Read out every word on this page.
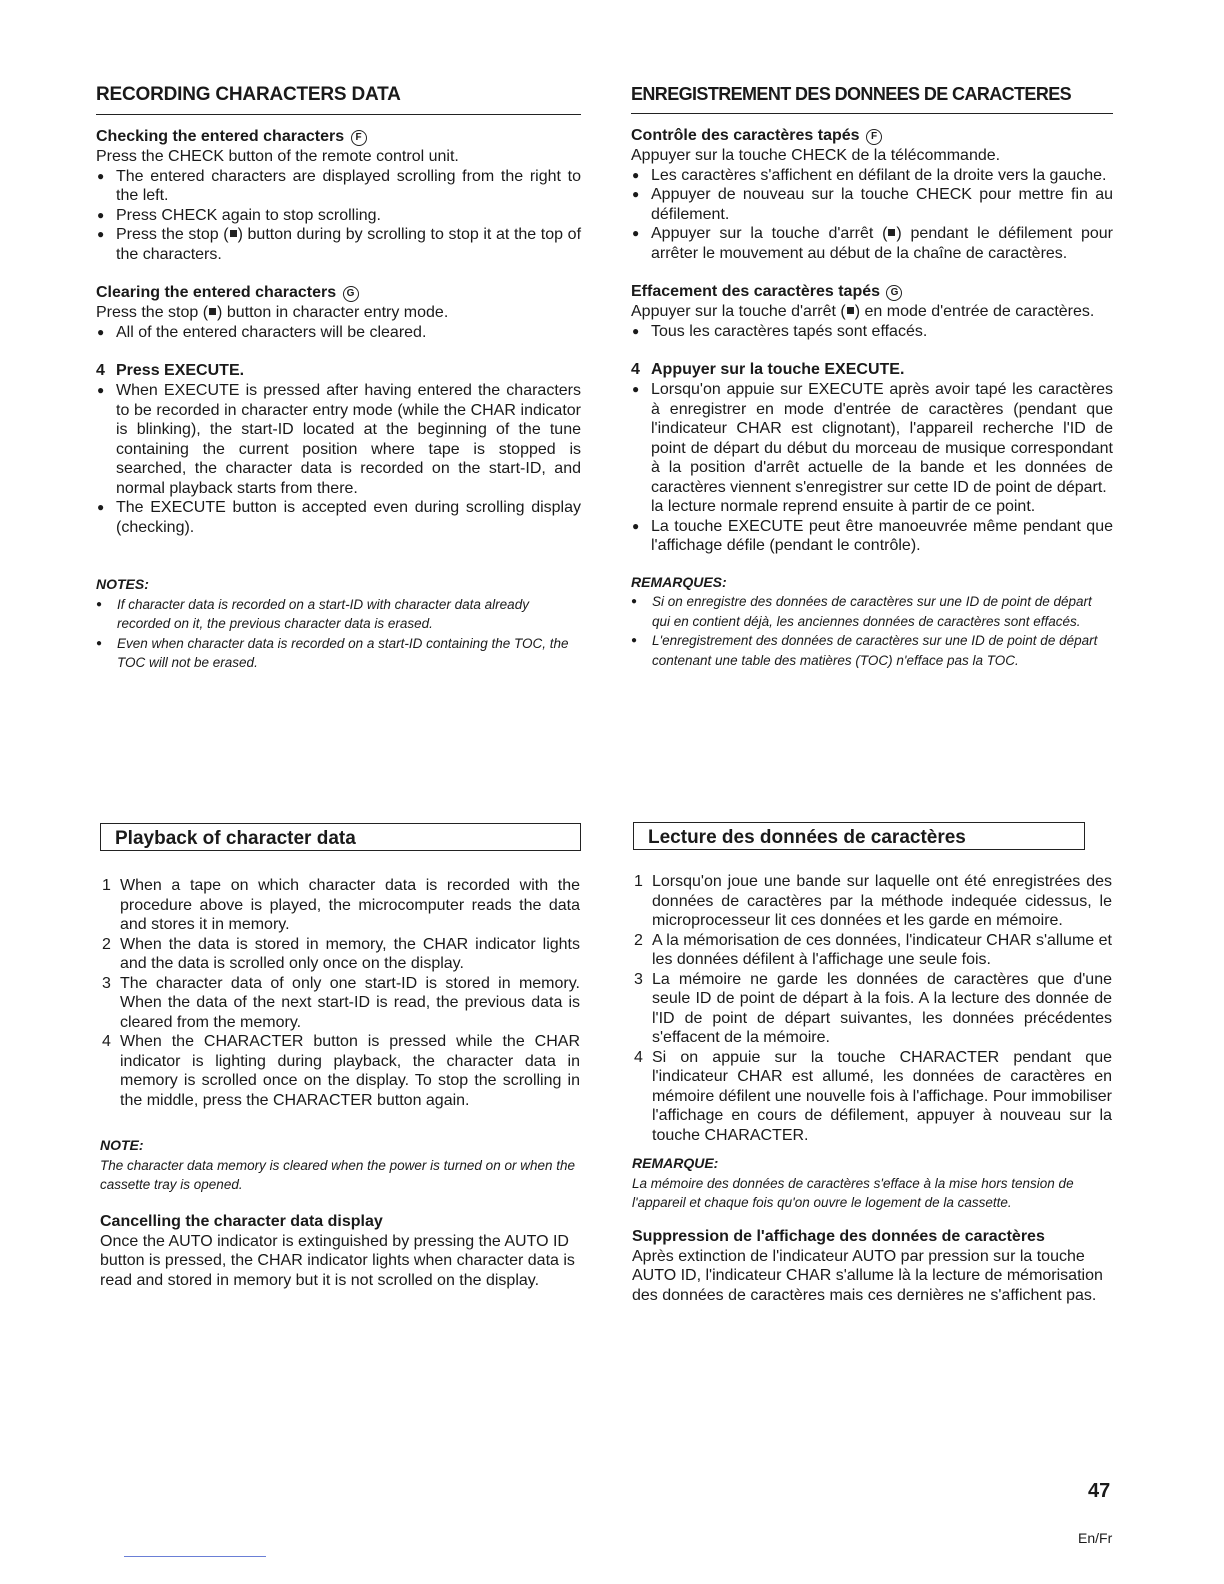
RECORDING CHARACTERS DATA
Checking the entered characters F

Press the CHECK button of the remote control unit.

● The entered characters are displayed scrolling from the right to the left.
● Press CHECK again to stop scrolling.
● Press the stop ( ) button during by scrolling to stop it at the top of the characters.
Clearing the entered characters G

Press the stop ( ) button in character entry mode.

● All of the entered characters will be cleared.
4 Press EXECUTE.
● When EXECUTE is pressed after having entered the characters to be recorded in character entry mode (while the CHAR indicator is blinking), the start-ID located at the beginning of the tune containing the current position where tape is stopped is searched, the character data is recorded on the start-ID, and normal playback starts from there.
● The EXECUTE button is accepted even during scrolling display (checking).

NOTES:

● If character data is recorded on a start-ID with character data already recorded on it, the previous character data is erased.
● Even when character data is recorded on a start-ID containing the TOC, the TOC will not be erased.
Playback of character data
1 When a tape on which character data is recorded with the procedure above is played, the microcomputer reads the data and stores it in memory.
2 When the data is stored in memory, the CHAR indicator lights and the data is scrolled only once on the display.
3 The character data of only one start-ID is stored in memory. When the data of the next start-ID is read, the previous data is cleared from the memory.
4 When the CHARACTER button is pressed while the CHAR indicator is lighting during playback, the character data in memory is scrolled once on the display. To stop the scrolling in the middle, press the CHARACTER button again.

NOTE:

The character data memory is cleared when the power is turned on or when the cassette tray is opened.

Cancelling the character data display

Once the AUTO indicator is extinguished by pressing the AUTO ID button is pressed, the CHAR indicator lights when character data is read and stored in memory but it is not scrolled on the display.

ENREGISTREMENT DES DONNEES DE CARACTERES
Contrôle des caractères tapés F

Appuyer sur la touche CHECK de la télécommande.

● Les caractères s'affichent en défilant de la droite vers la gauche.
● Appuyer de nouveau sur la touche CHECK pour mettre fin au défilement.
● Appuyer sur la touche d'arrêt ( ) pendant le défilement pour arrêter le mouvement au début de la chaîne de caractères.
Effacement des caractères tapés G

Appuyer sur la touche d'arrêt ( ) en mode d'entrée de caractères.

● Tous les caractères tapés sont effacés.
4 Appuyer sur la touche EXECUTE.
● Lorsqu'on appuie sur EXECUTE après avoir tapé les caractères à enregistrer en mode d'entrée de caractères (pendant que l'indicateur CHAR est clignotant), l'appareil recherche l'ID de point de départ du début du morceau de musique correspondant à la position d'arrêt actuelle de la bande et les données de caractères viennent s'enregistrer sur cette ID de point de départ.
la lecture normale reprend ensuite à partir de ce point.
● La touche EXECUTE peut être manoeuvrée même pendant que l'affichage défile (pendant le contrôle).

REMARQUES:

● Si on enregistre des données de caractères sur une ID de point de départ qui en contient déjà, les anciennes données de caractères sont effacés.
● L'enregistrement des données de caractères sur une ID de point de départ contenant une table des matières (TOC) n'efface pas la TOC.
Lecture des données de caractères
1 Lorsqu'on joue une bande sur laquelle ont été enregistrées des données de caractères par la méthode indequée cidessus, le microprocesseur lit ces données et les garde en mémoire.
2 A la mémorisation de ces données, l'indicateur CHAR s'allume et les données défilent à l'affichage une seule fois.
3 La mémoire ne garde les données de caractères que d'une seule ID de point de départ à la fois. A la lecture des donnée de l'ID de point de départ suivantes, les données précédentes s'effacent de la mémoire.
4 Si on appuie sur la touche CHARACTER pendant que l'indicateur CHAR est allumé, les données de caractères en mémoire défilent une nouvelle fois à l'affichage. Pour immobiliser l'affichage en cours de défilement, appuyer à nouveau sur la touche CHARACTER.

REMARQUE:

La mémoire des données de caractères s'efface à la mise hors tension de l'appareil et chaque fois qu'on ouvre le logement de la cassette.

Suppression de l'affichage des données de caractères

Après extinction de l'indicateur AUTO par pression sur la touche AUTO ID, l'indicateur CHAR s'allume là la lecture de mémorisation des données de caractères mais ces dernières ne s'affichent pas.

47
En/Fr
